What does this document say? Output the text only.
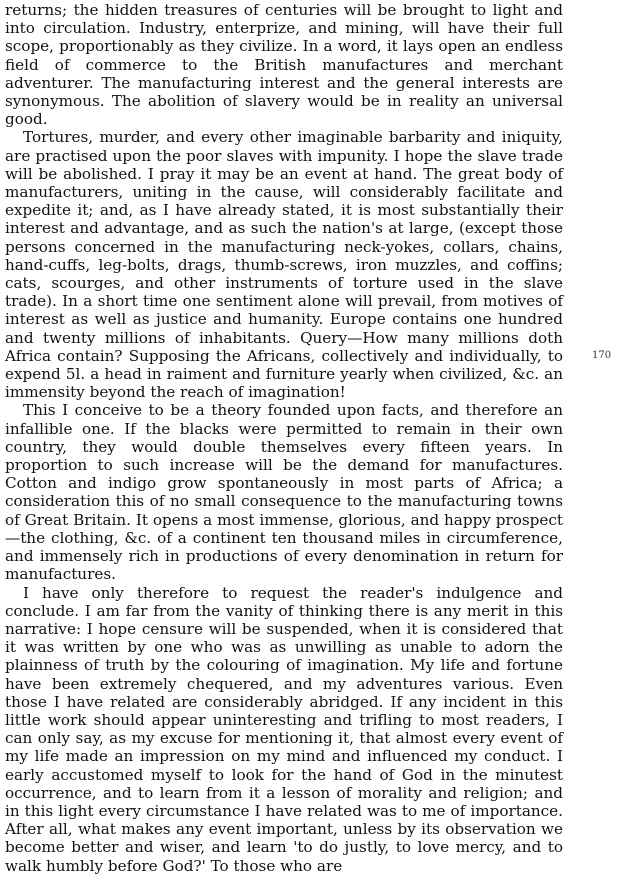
returns; the hidden treasures of centuries will be brought to light and into circulation. Industry, enterprize, and mining, will have their full scope, proportionably as they civilize. In a word, it lays open an endless field of commerce to the British manufactures and merchant adventurer. The manufacturing interest and the general interests are synonymous. The abolition of slavery would be in reality an universal good.

Tortures, murder, and every other imaginable barbarity and iniquity, are practised upon the poor slaves with impunity. I hope the slave trade will be abolished. I pray it may be an event at hand. The great body of manufacturers, uniting in the cause, will considerably facilitate and expedite it; and, as I have already stated, it is most substantially their interest and advantage, and as such the nation's at large, (except those persons concerned in the manufacturing neck-yokes, collars, chains, hand-cuffs, leg-bolts, drags, thumb-screws, iron muzzles, and coffins; cats, scourges, and other instruments of torture used in the slave trade). In a short time one sentiment alone will prevail, from motives of interest as well as justice and humanity. Europe contains one hundred and twenty millions of inhabitants. Query—How many millions doth Africa contain? Supposing the Africans, collectively and individually, to expend 5l. a head in raiment and furniture yearly when civilized, &c. an immensity beyond the reach of imagination!

This I conceive to be a theory founded upon facts, and therefore an infallible one. If the blacks were permitted to remain in their own country, they would double themselves every fifteen years. In proportion to such increase will be the demand for manufactures. Cotton and indigo grow spontaneously in most parts of Africa; a consideration this of no small consequence to the manufacturing towns of Great Britain. It opens a most immense, glorious, and happy prospect—the clothing, &c. of a continent ten thousand miles in circumference, and immensely rich in productions of every denomination in return for manufactures.

I have only therefore to request the reader's indulgence and conclude. I am far from the vanity of thinking there is any merit in this narrative: I hope censure will be suspended, when it is considered that it was written by one who was as unwilling as unable to adorn the plainness of truth by the colouring of imagination. My life and fortune have been extremely chequered, and my adventures various. Even those I have related are considerably abridged. If any incident in this little work should appear uninteresting and trifling to most readers, I can only say, as my excuse for mentioning it, that almost every event of my life made an impression on my mind and influenced my conduct. I early accustomed myself to look for the hand of God in the minutest occurrence, and to learn from it a lesson of morality and religion; and in this light every circumstance I have related was to me of importance. After all, what makes any event important, unless by its observation we become better and wiser, and learn 'to do justly, to love mercy, and to walk humbly before God?' To those who are

170
